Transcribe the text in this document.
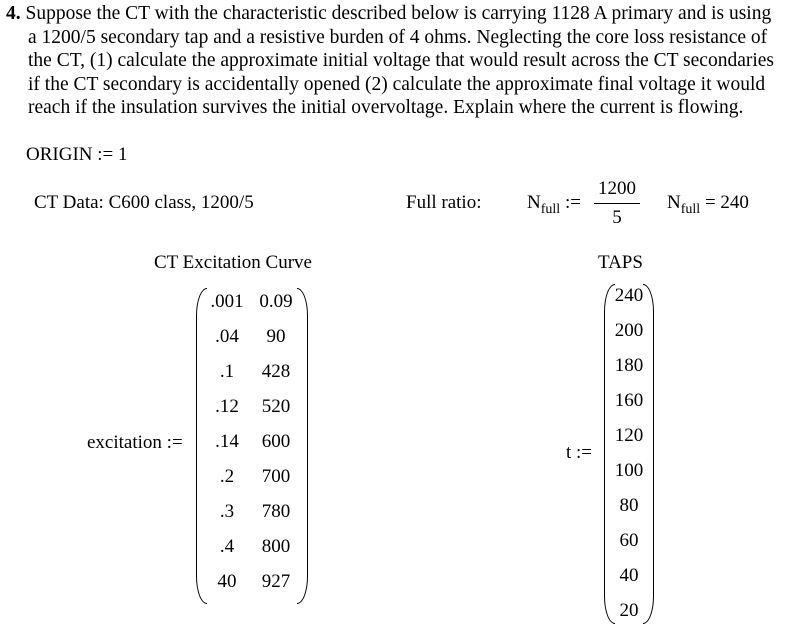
4. Suppose the CT with the characteristic described below is carrying 1128 A primary and is using
a 1200/5 secondary tap and a resistive burden of 4 ohms. Neglecting the core loss resistance of
the CT, (1) calculate the approximate initial voltage that would result across the CT secondaries
if the CT secondary is accidentally opened (2) calculate the approximate final voltage it would
reach if the insulation survives the initial overvoltage. Explain where the current is flowing.
ORIGIN := 1
CT Data: C600 class, 1200/5	Full ratio: $N_{full}$ :=
1200
5
$N_{full} = 240$
CT Excitation Curve
excitation :=
.001 0.09
.04	90
.1	428
.12	520
.14	600
.2	700
.3	780
.4	800
40	927
TAPS
t :=
240
200
180
160
120
100
80
60
40
20
